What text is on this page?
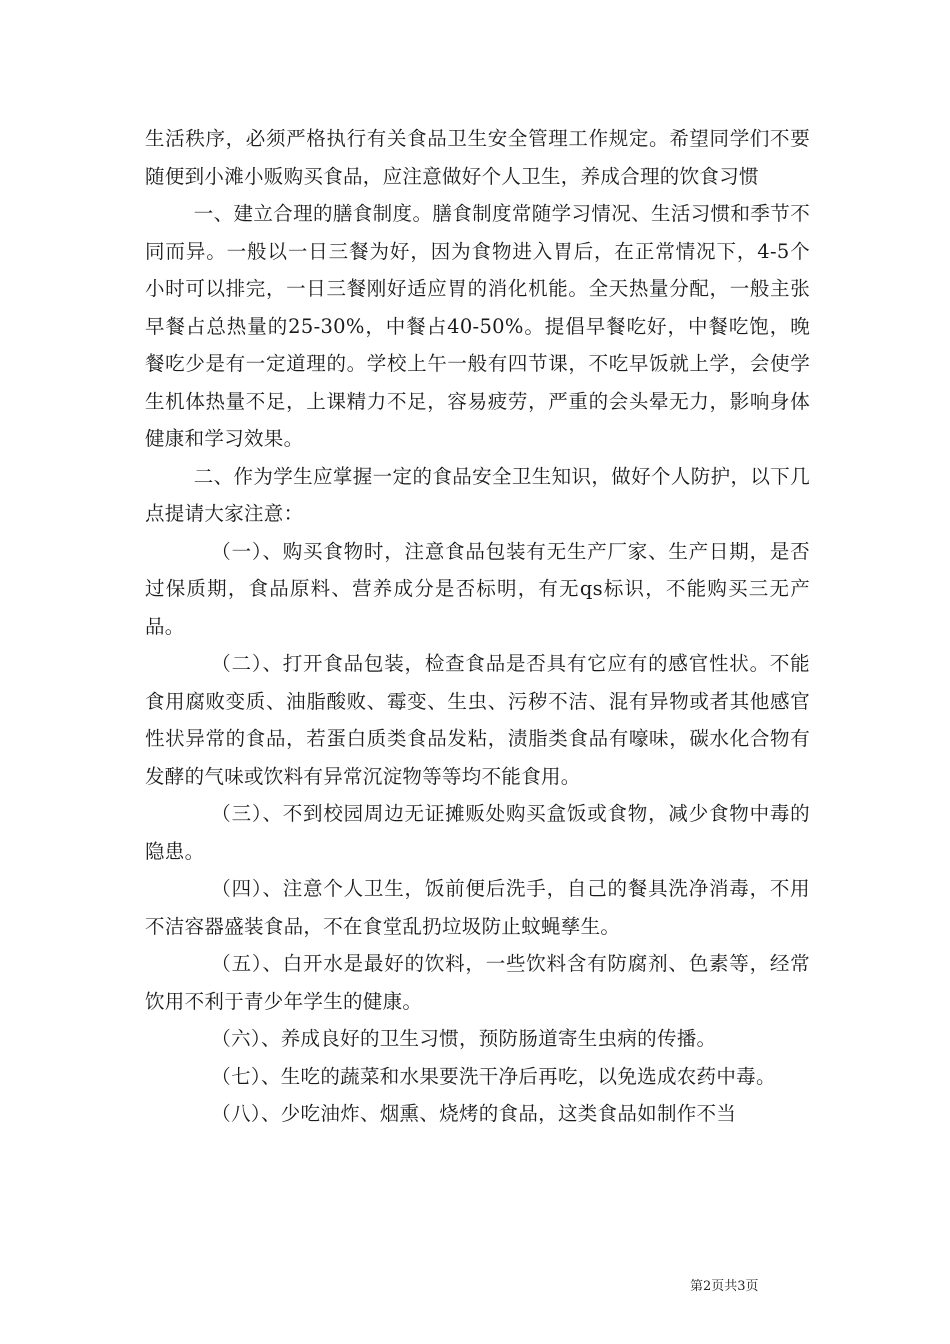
生活秩序，必须严格执行有关食品卫生安全管理工作规定。希望同学们不要随便到小滩小贩购买食品，应注意做好个人卫生，养成合理的饮食习惯

一、建立合理的膳食制度。膳食制度常随学习情况、生活习惯和季节不同而异。一般以一日三餐为好，因为食物进入胃后，在正常情况下，4-5个小时可以排完，一日三餐刚好适应胃的消化机能。全天热量分配，一般主张早餐占总热量的25-30%，中餐占40-50%。提倡早餐吃好，中餐吃饱，晚餐吃少是有一定道理的。学校上午一般有四节课，不吃早饭就上学，会使学生机体热量不足，上课精力不足，容易疲劳，严重的会头晕无力，影响身体健康和学习效果。

二、作为学生应掌握一定的食品安全卫生知识，做好个人防护，以下几点提请大家注意：

（一）、购买食物时，注意食品包装有无生产厂家、生产日期，是否过保质期，食品原料、营养成分是否标明，有无qs标识，不能购买三无产品。

（二）、打开食品包装，检查食品是否具有它应有的感官性状。不能食用腐败变质、油脂酸败、霉变、生虫、污秽不洁、混有异物或者其他感官性状异常的食品，若蛋白质类食品发粘，渍脂类食品有嚎味，碳水化合物有发酵的气味或饮料有异常沉淀物等等均不能食用。

（三）、不到校园周边无证摊贩处购买盒饭或食物，减少食物中毒的隐患。

（四）、注意个人卫生，饭前便后洗手，自己的餐具洗净消毒，不用不洁容器盛装食品，不在食堂乱扔垃圾防止蚊蝇孳生。

（五）、白开水是最好的饮料，一些饮料含有防腐剂、色素等，经常饮用不利于青少年学生的健康。

（六）、养成良好的卫生习惯，预防肠道寄生虫病的传播。

（七）、生吃的蔬菜和水果要洗干净后再吃，以免选成农药中毒。

（八）、少吃油炸、烟熏、烧烤的食品，这类食品如制作不当

第2页共3页
